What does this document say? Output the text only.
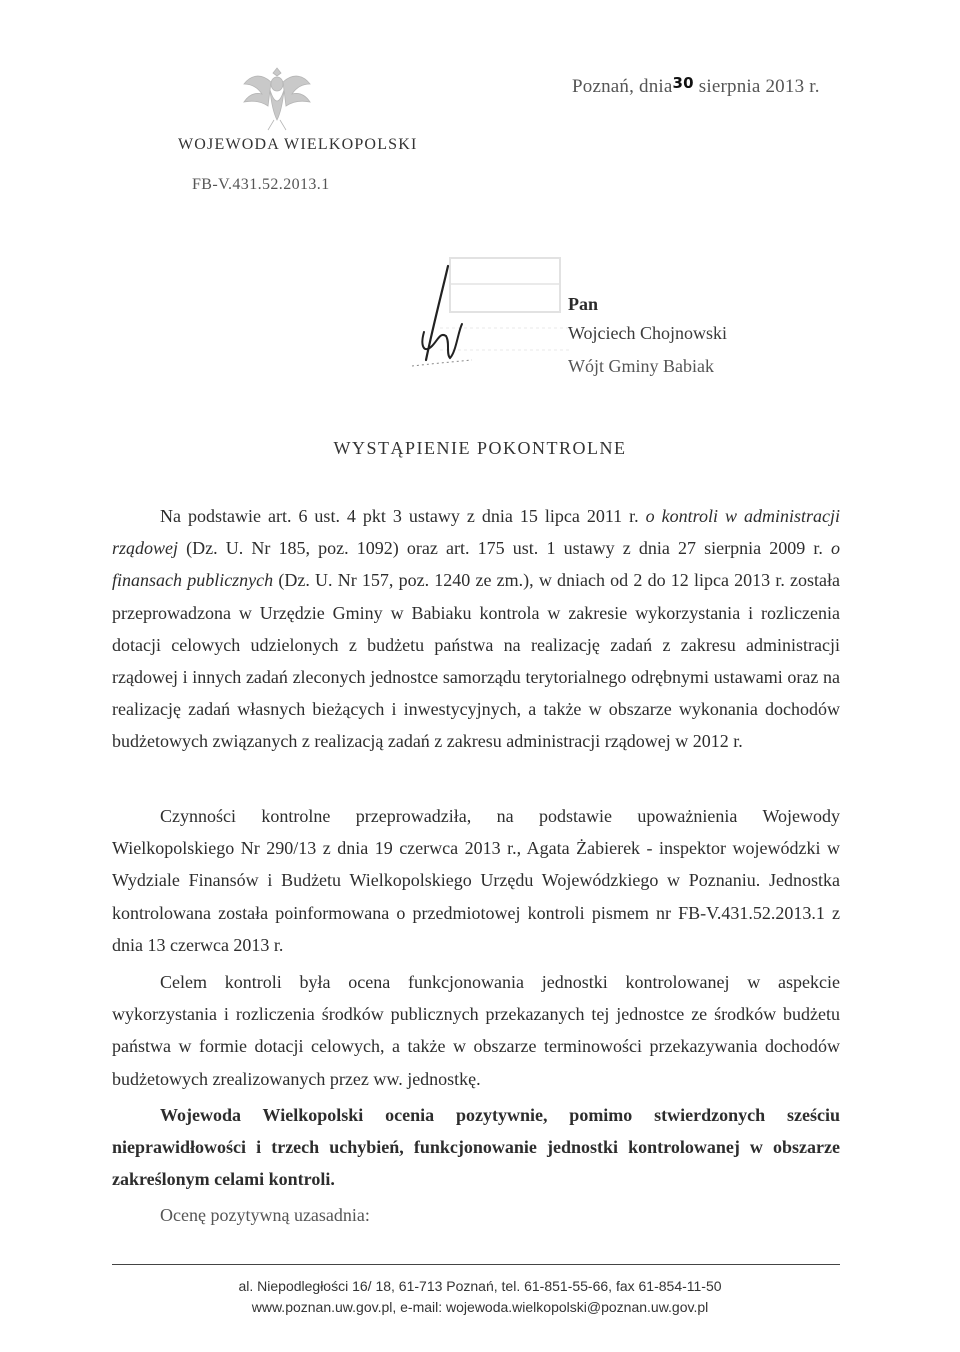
Poznań, dnia$^{30}$ sierpnia 2013 r.
WOJEWODA WIELKOPOLSKI
FB-V.431.52.2013.1
Pan
Wojciech Chojnowski
Wójt Gminy Babiak
WYSTĄPIENIE POKONTROLNE
Na podstawie art. 6 ust. 4 pkt 3 ustawy z dnia 15 lipca 2011 r. o kontroli w administracji rządowej (Dz. U. Nr 185, poz. 1092) oraz art. 175 ust. 1 ustawy z dnia 27 sierpnia 2009 r. o finansach publicznych (Dz. U. Nr 157, poz. 1240 ze zm.), w dniach od 2 do 12 lipca 2013 r. została przeprowadzona w Urzędzie Gminy w Babiaku kontrola w zakresie wykorzystania i rozliczenia dotacji celowych udzielonych z budżetu państwa na realizację zadań z zakresu administracji rządowej i innych zadań zleconych jednostce samorządu terytorialnego odrębnymi ustawami oraz na realizację zadań własnych bieżących i inwestycyjnych, a także w obszarze wykonania dochodów budżetowych związanych z realizacją zadań z zakresu administracji rządowej w 2012 r.
Czynności kontrolne przeprowadziła, na podstawie upoważnienia Wojewody Wielkopolskiego Nr 290/13 z dnia 19 czerwca 2013 r., Agata Żabierek - inspektor wojewódzki w Wydziale Finansów i Budżetu Wielkopolskiego Urzędu Wojewódzkiego w Poznaniu. Jednostka kontrolowana została poinformowana o przedmiotowej kontroli pismem nr FB-V.431.52.2013.1 z dnia 13 czerwca 2013 r.
Celem kontroli była ocena funkcjonowania jednostki kontrolowanej w aspekcie wykorzystania i rozliczenia środków publicznych przekazanych tej jednostce ze środków budżetu państwa w formie dotacji celowych, a także w obszarze terminowości przekazywania dochodów budżetowych zrealizowanych przez ww. jednostkę.
Wojewoda Wielkopolski ocenia pozytywnie, pomimo stwierdzonych sześciu nieprawidłowości i trzech uchybień, funkcjonowanie jednostki kontrolowanej w obszarze zakreślonym celami kontroli.
Ocenę pozytywną uzasadnia:
al. Niepodległości 16/ 18, 61-713 Poznań, tel. 61-851-55-66, fax 61-854-11-50
www.poznan.uw.gov.pl, e-mail: wojewoda.wielkopolski@poznan.uw.gov.pl
